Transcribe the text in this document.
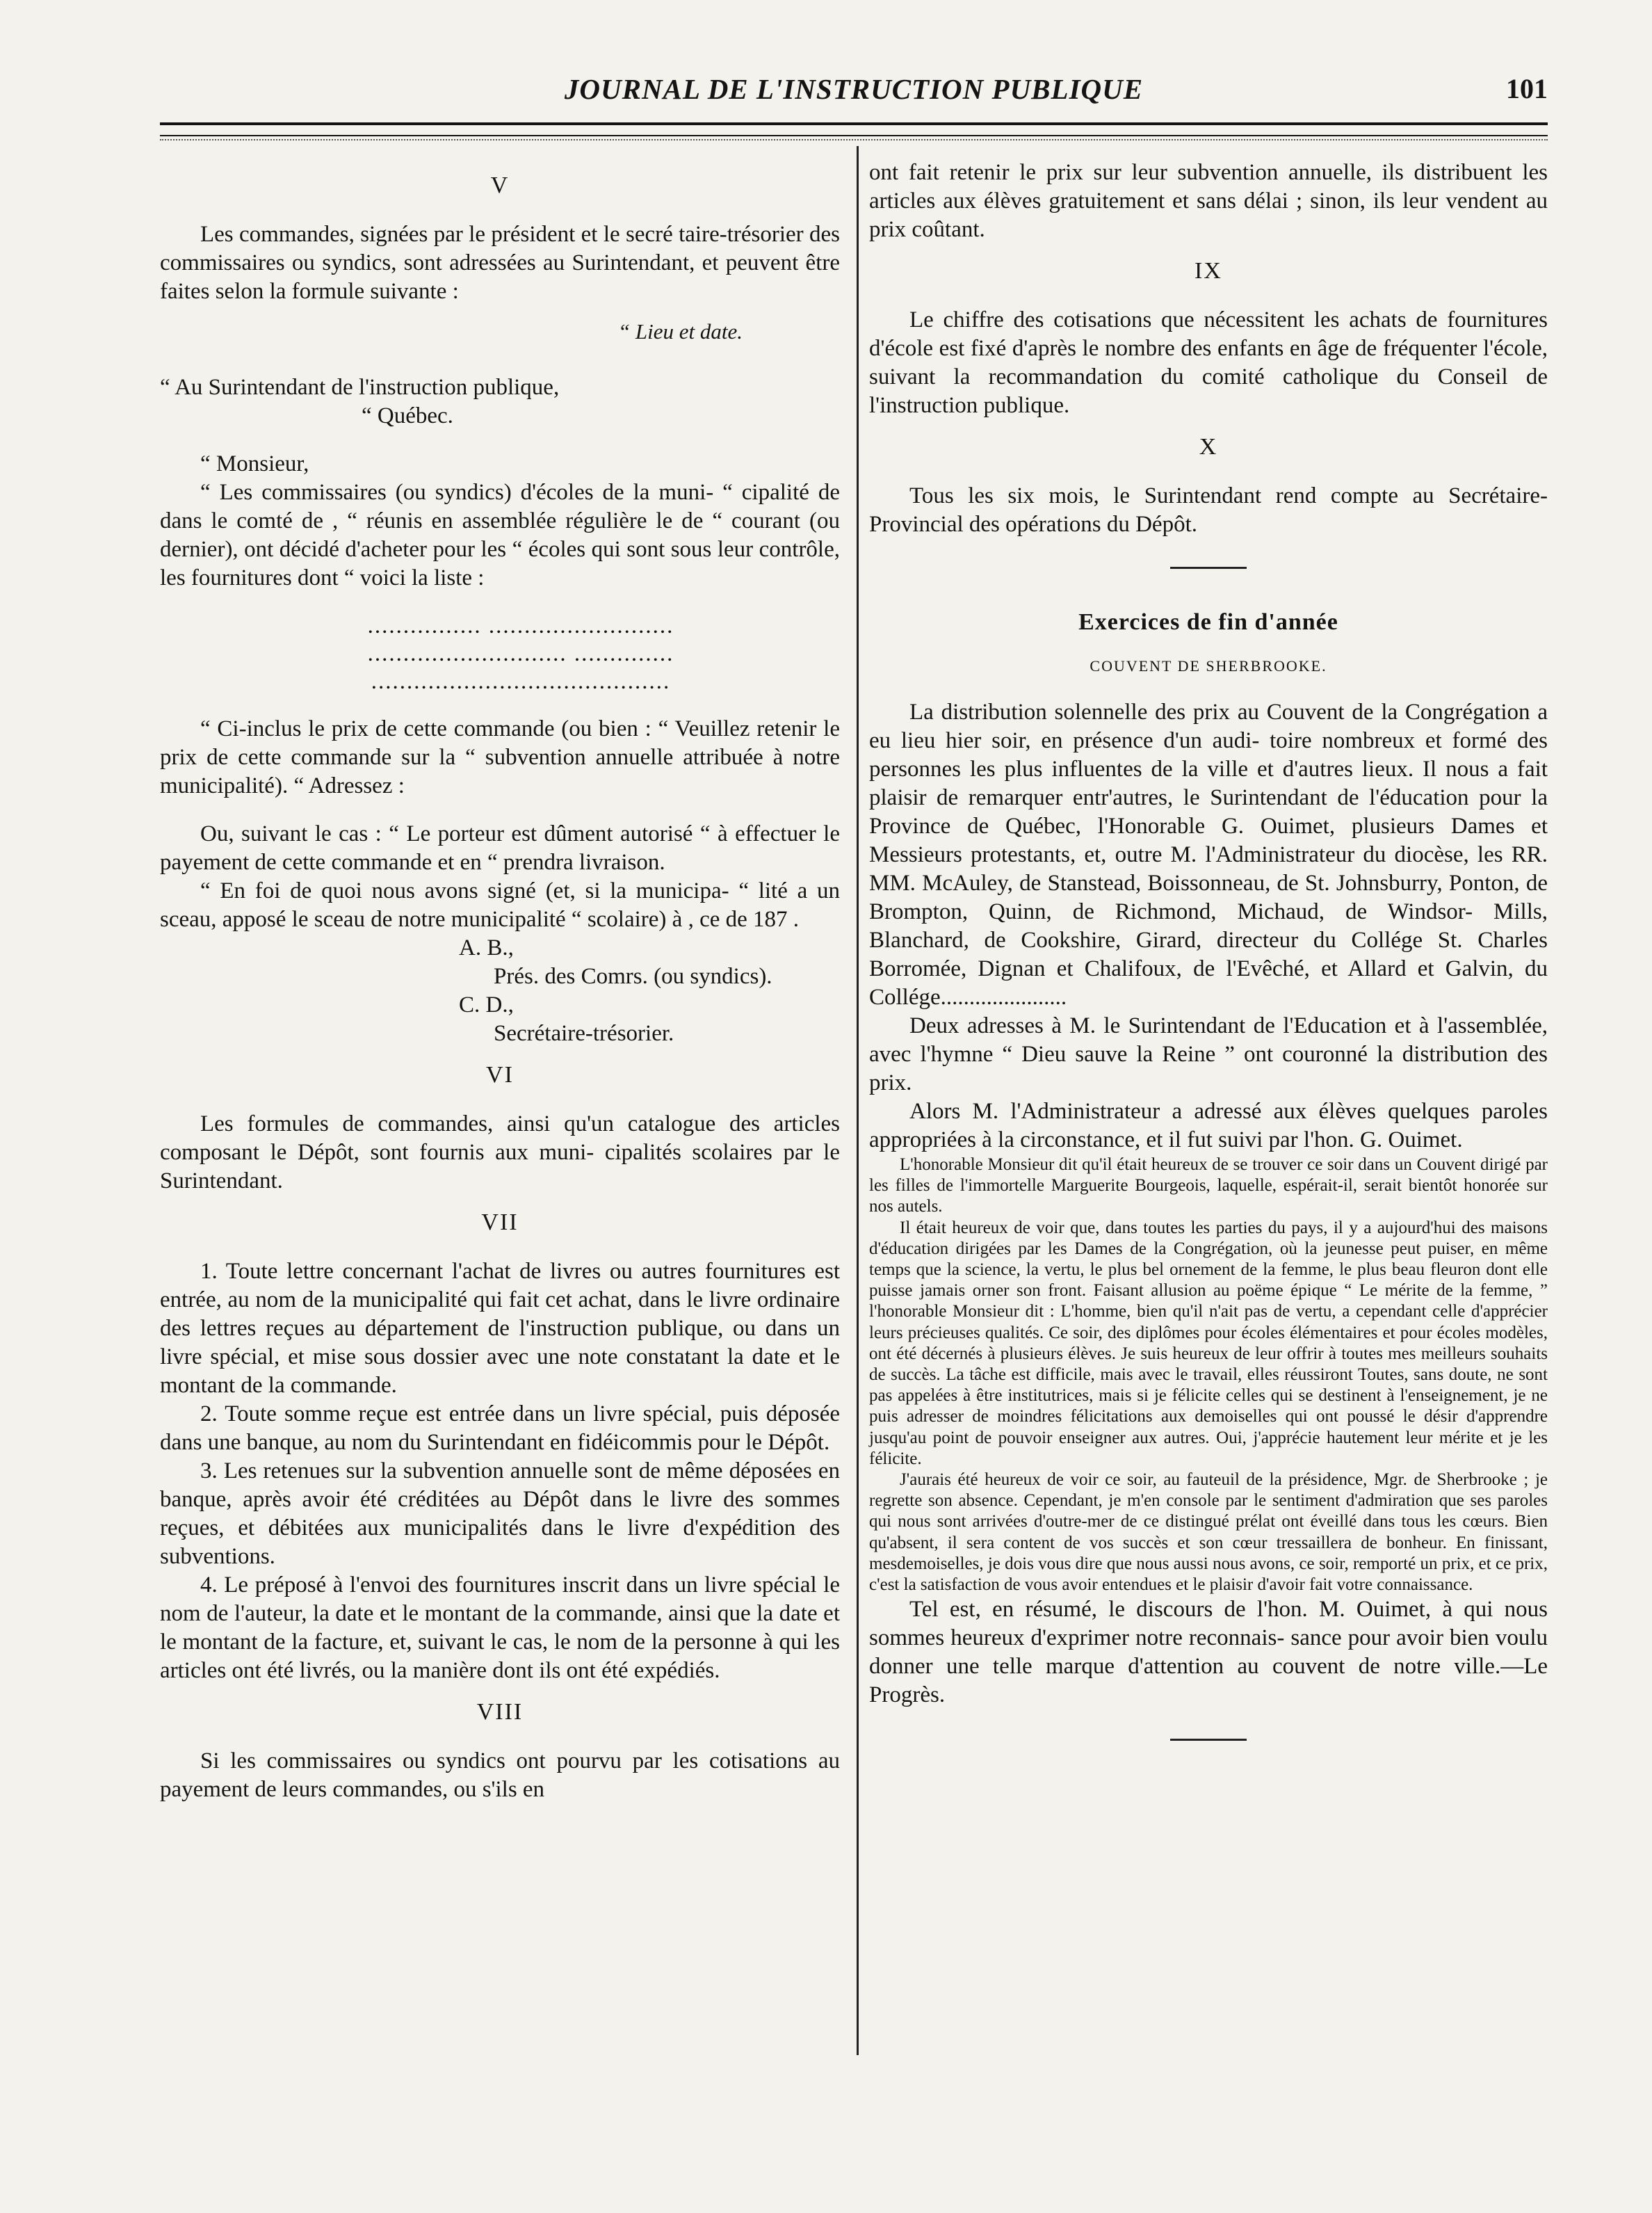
JOURNAL DE L'INSTRUCTION PUBLIQUE	101

V

Les commandes, signées par le président et le secré taire-trésorier des commissaires ou syndics, sont adressées au Surintendant, et peuvent être faites selon la formule suivante :

“ Lieu et date.

“ Au Surintendant de l'instruction publique,

“ Québec.

“ Monsieur,

“ Les commissaires (ou syndics) d'écoles de la muni- “ cipalité de dans le comté de , “ réunis en assemblée régulière le de “ courant (ou dernier), ont décidé d'acheter pour les “ écoles qui sont sous leur contrôle, les fournitures dont “ voici la liste :

................ ..........................

............................ ..............

..........................................

“ Ci-inclus le prix de cette commande (ou bien : “ Veuillez retenir le prix de cette commande sur la “ subvention annuelle attribuée à notre municipalité). “ Adressez :

Ou, suivant le cas : “ Le porteur est dûment autorisé “ à effectuer le payement de cette commande et en “ prendra livraison.

“ En foi de quoi nous avons signé (et, si la municipa- “ lité a un sceau, apposé le sceau de notre municipalité “ scolaire) à , ce de 187 .

A. B.,

Prés. des Comrs. (ou syndics).

C. D.,

Secrétaire-trésorier.

VI

Les formules de commandes, ainsi qu'un catalogue des articles composant le Dépôt, sont fournis aux muni- cipalités scolaires par le Surintendant.

VII

1. Toute lettre concernant l'achat de livres ou autres fournitures est entrée, au nom de la municipalité qui fait cet achat, dans le livre ordinaire des lettres reçues au département de l'instruction publique, ou dans un livre spécial, et mise sous dossier avec une note constatant la date et le montant de la commande.

2. Toute somme reçue est entrée dans un livre spécial, puis déposée dans une banque, au nom du Surintendant en fidéicommis pour le Dépôt.

3. Les retenues sur la subvention annuelle sont de même déposées en banque, après avoir été créditées au Dépôt dans le livre des sommes reçues, et débitées aux municipalités dans le livre d'expédition des subventions.

4. Le préposé à l'envoi des fournitures inscrit dans un livre spécial le nom de l'auteur, la date et le montant de la commande, ainsi que la date et le montant de la facture, et, suivant le cas, le nom de la personne à qui les articles ont été livrés, ou la manière dont ils ont été expédiés.

VIII

Si les commissaires ou syndics ont pourvu par les cotisations au payement de leurs commandes, ou s'ils en

ont fait retenir le prix sur leur subvention annuelle, ils distribuent les articles aux élèves gratuitement et sans délai ; sinon, ils leur vendent au prix coûtant.

IX

Le chiffre des cotisations que nécessitent les achats de fournitures d'école est fixé d'après le nombre des enfants en âge de fréquenter l'école, suivant la recommandation du comité catholique du Conseil de l'instruction publique.

X

Tous les six mois, le Surintendant rend compte au Secrétaire-Provincial des opérations du Dépôt.

Exercices de fin d'année

COUVENT DE SHERBROOKE.

La distribution solennelle des prix au Couvent de la Congrégation a eu lieu hier soir, en présence d'un audi- toire nombreux et formé des personnes les plus influentes de la ville et d'autres lieux. Il nous a fait plaisir de remarquer entr'autres, le Surintendant de l'éducation pour la Province de Québec, l'Honorable G. Ouimet, plusieurs Dames et Messieurs protestants, et, outre M. l'Administrateur du diocèse, les RR. MM. McAuley, de Stanstead, Boissonneau, de St. Johnsburry, Ponton, de Brompton, Quinn, de Richmond, Michaud, de Windsor- Mills, Blanchard, de Cookshire, Girard, directeur du Collége St. Charles Borromée, Dignan et Chalifoux, de l'Evêché, et Allard et Galvin, du Collége......................

Deux adresses à M. le Surintendant de l'Education et à l'assemblée, avec l'hymne “ Dieu sauve la Reine ” ont couronné la distribution des prix.

Alors M. l'Administrateur a adressé aux élèves quelques paroles appropriées à la circonstance, et il fut suivi par l'hon. G. Ouimet.

L'honorable Monsieur dit qu'il était heureux de se trouver ce soir dans un Couvent dirigé par les filles de l'immortelle Marguerite Bourgeois, laquelle, espérait-il, serait bientôt honorée sur nos autels.

Il était heureux de voir que, dans toutes les parties du pays, il y a aujourd'hui des maisons d'éducation dirigées par les Dames de la Congrégation, où la jeunesse peut puiser, en même temps que la science, la vertu, le plus bel ornement de la femme, le plus beau fleuron dont elle puisse jamais orner son front. Faisant allusion au poëme épique “ Le mérite de la femme, ” l'honorable Monsieur dit : L'homme, bien qu'il n'ait pas de vertu, a cependant celle d'apprécier leurs précieuses qualités. Ce soir, des diplômes pour écoles élémentaires et pour écoles modèles, ont été décernés à plusieurs élèves. Je suis heureux de leur offrir à toutes mes meilleurs souhaits de succès. La tâche est difficile, mais avec le travail, elles réussiront Toutes, sans doute, ne sont pas appelées à être institutrices, mais si je félicite celles qui se destinent à l'enseignement, je ne puis adresser de moindres félicitations aux demoiselles qui ont poussé le désir d'apprendre jusqu'au point de pouvoir enseigner aux autres. Oui, j'apprécie hautement leur mérite et je les félicite.

J'aurais été heureux de voir ce soir, au fauteuil de la présidence, Mgr. de Sherbrooke ; je regrette son absence. Cependant, je m'en console par le sentiment d'admiration que ses paroles qui nous sont arrivées d'outre-mer de ce distingué prélat ont éveillé dans tous les cœurs. Bien qu'absent, il sera content de vos succès et son cœur tressaillera de bonheur. En finissant, mesdemoiselles, je dois vous dire que nous aussi nous avons, ce soir, remporté un prix, et ce prix, c'est la satisfaction de vous avoir entendues et le plaisir d'avoir fait votre connaissance.

Tel est, en résumé, le discours de l'hon. M. Ouimet, à qui nous sommes heureux d'exprimer notre reconnais- sance pour avoir bien voulu donner une telle marque d'attention au couvent de notre ville.—Le Progrès.
